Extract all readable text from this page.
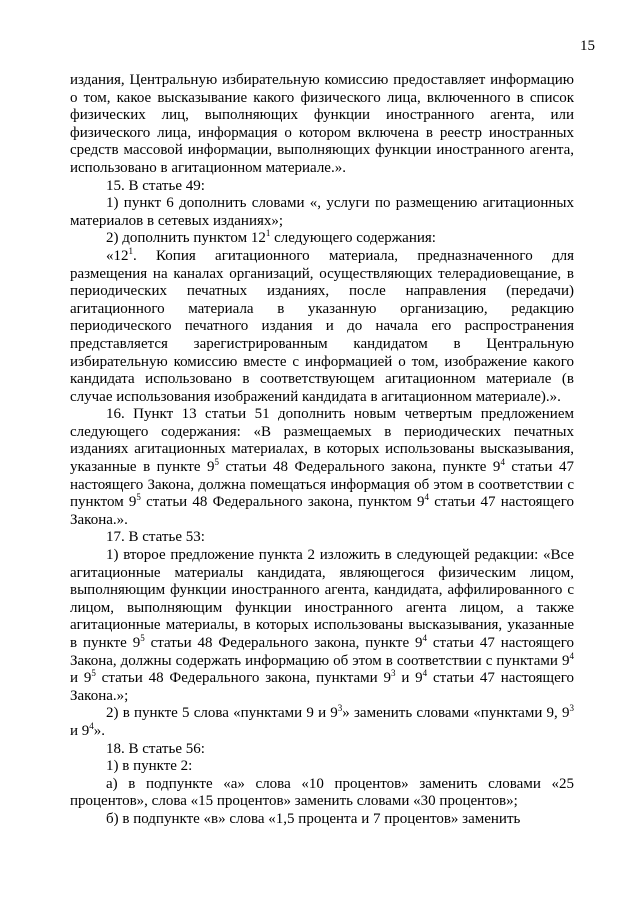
15

издания, Центральную избирательную комиссию предоставляет информацию о том, какое высказывание какого физического лица, включенного в список физических лиц, выполняющих функции иностранного агента, или физического лица, информация о котором включена в реестр иностранных средств массовой информации, выполняющих функции иностранного агента, использовано в агитационном материале.».

15. В статье 49:

1) пункт 6 дополнить словами «, услуги по размещению агитационных материалов в сетевых изданиях»;

2) дополнить пунктом $12^1$ следующего содержания:

«$12^1$. Копия агитационного материала, предназначенного для размещения на каналах организаций, осуществляющих телерадиовещание, в периодических печатных изданиях, после направления (передачи) агитационного материала в указанную организацию, редакцию периодического печатного издания и до начала его распространения представляется зарегистрированным кандидатом в Центральную избирательную комиссию вместе с информацией о том, изображение какого кандидата использовано в соответствующем агитационном материале (в случае использования изображений кандидата в агитационном материале).».

16. Пункт 13 статьи 51 дополнить новым четвертым предложением следующего содержания: «В размещаемых в периодических печатных изданиях агитационных материалах, в которых использованы высказывания, указанные в пункте $9^5$ статьи 48 Федерального закона, пункте $9^4$ статьи 47 настоящего Закона, должна помещаться информация об этом в соответствии с пунктом $9^5$ статьи 48 Федерального закона, пунктом $9^4$ статьи 47 настоящего Закона.».

17. В статье 53:

1) второе предложение пункта 2 изложить в следующей редакции: «Все агитационные материалы кандидата, являющегося физическим лицом, выполняющим функции иностранного агента, кандидата, аффилированного с лицом, выполняющим функции иностранного агента лицом, а также агитационные материалы, в которых использованы высказывания, указанные в пункте $9^5$ статьи 48 Федерального закона, пункте $9^4$ статьи 47 настоящего Закона, должны содержать информацию об этом в соответствии с пунктами $9^4$ и $9^5$ статьи 48 Федерального закона, пунктами $9^3$ и $9^4$ статьи 47 настоящего Закона.»;

2) в пункте 5 слова «пунктами 9 и $9^3$» заменить словами «пунктами 9, $9^3$ и $9^4$».

18. В статье 56:

1) в пункте 2:

а) в подпункте «а» слова «10 процентов» заменить словами «25 процентов», слова «15 процентов» заменить словами «30 процентов»;

б) в подпункте «в» слова «1,5 процента и 7 процентов» заменить
